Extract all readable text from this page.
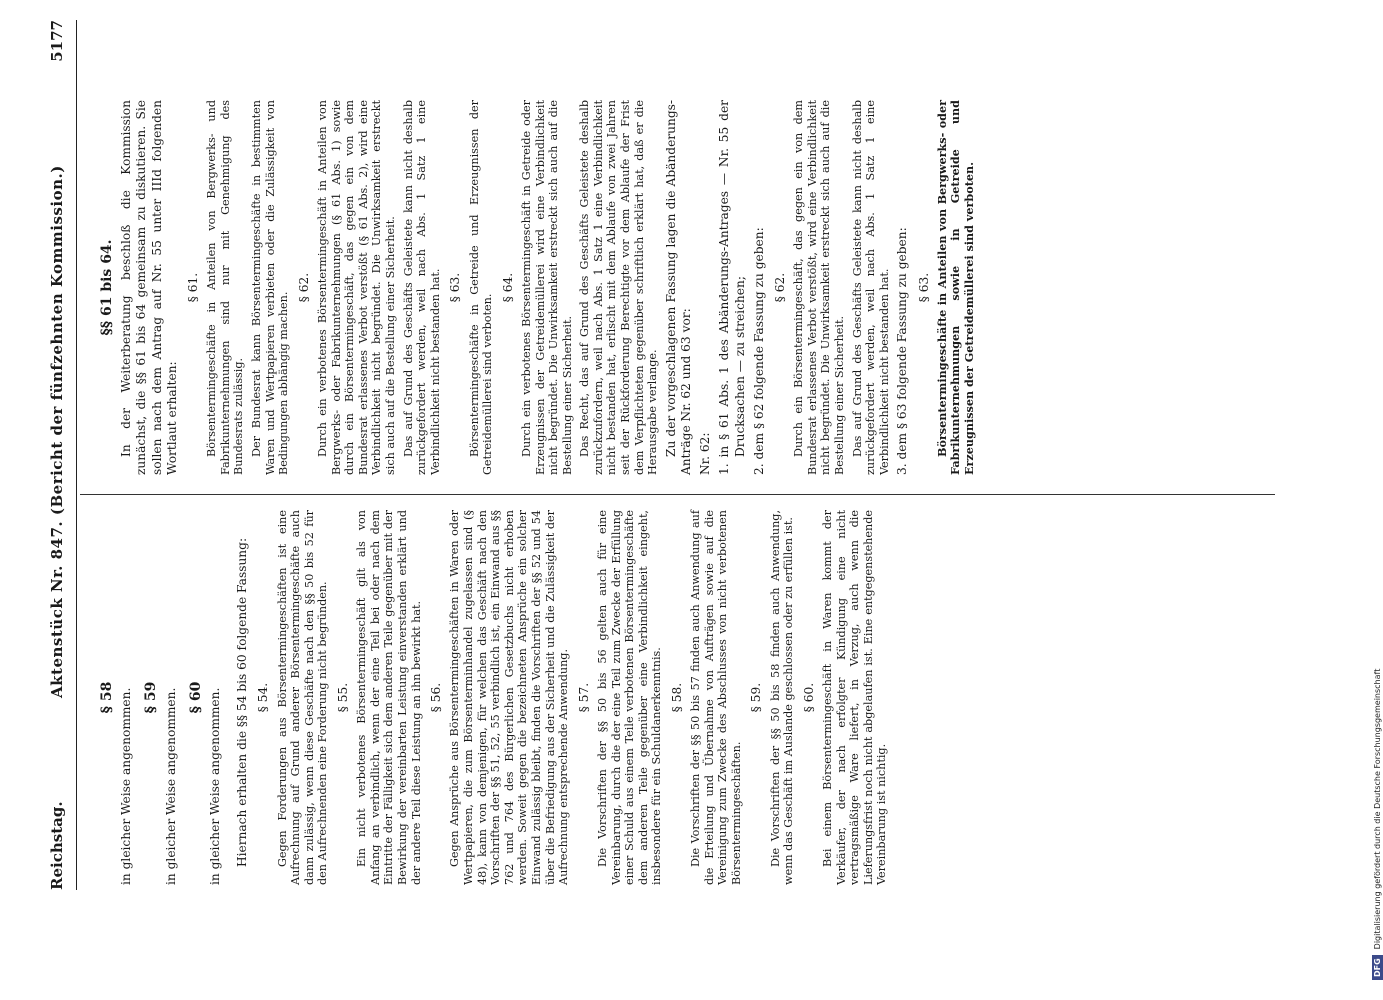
Reichstag.
Aktenstück Nr. 847. (Bericht der fünfzehnten Kommission.)
5177
§ 58 in gleicher Weise angenommen. § 59 in gleicher Weise angenommen. § 60 in gleicher Weise angenommen. Hiernach erhalten die §§ 54 bis 60 folgende Fassung: § 54. Gegen Forderungen aus Börsentermingeschäften ist eine Aufrechnung auf Grund anderer Börsentermingeschäfte auch dann zulässig, wenn diese Geschäfte nach den §§ 50 bis 52 für den Aufrechnenden eine Forderung nicht begründen. § 55. Ein nicht verbotenes Börsentermingeschäft gilt als von Anfang an verbindlich, wenn der eine Teil bei oder nach dem Eintritte der Fälligkeit sich dem anderen Teile gegenüber mit der Bewirkung der vereinbarten Leistung einverstanden erklärt und der andere Teil diese Leistung an ihn bewirkt hat. § 56. Gegen Ansprüche aus Börsentermingeschäften in Waren oder Wertpapieren, die zum Börsenterminhandel zugelassen sind (§ 48), kann von demjenigen, für welchen das Geschäft nach den Vorschriften der §§ 51, 52, 55 verbindlich ist, ein Einwand aus §§ 762 und 764 des Bürgerlichen Gesetzbuchs nicht erhoben werden. Soweit gegen die bezeichneten Ansprüche ein solcher Einwand zulässig bleibt, finden die Vorschriften der §§ 52 und 54 über die Befriedigung aus der Sicherheit und die Zulässigkeit der Aufrechnung entsprechende Anwendung. § 57. Die Vorschriften der §§ 50 bis 56 gelten auch für eine Vereinbarung, durch die der eine Teil zum Zwecke der Erfüllung einer Schuld aus einem Teile verbotenen Börsentermingeschäfte dem anderen Teile gegenüber eine Verbindlichkeit eingeht, insbesondere für ein Schuldanerkenntnis. § 58. Die Vorschriften der §§ 50 bis 57 finden auch Anwendung auf die Erteilung und Übernahme von Aufträgen sowie auf die Vereinigung zum Zwecke des Abschlusses von nicht verbotenen Börsentermingeschäften.
§ 59. Die Vorschriften der §§ 50 bis 58 finden auch Anwendung, wenn das Geschäft im Auslande geschlossen oder zu erfüllen ist. § 60. Bei einem Börsentermingeschäft in Waren kommt der Verkäufer, der nach erfolgter Kündigung eine nicht vertragsmäßige Ware liefert, in Verzug, auch wenn die Lieferungsfrist noch nicht abgelaufen ist. Eine entgegenstehende Vereinbarung ist nichtig.
§§ 61 bis 64. In der Weiterberatung beschloß die Kommission zunächst, die §§ 61 bis 64 gemeinsam zu diskutieren. Sie sollen nach dem Antrag auf Nr. 55 unter IIId folgenden Wortlaut erhalten:
§ 61. Börsentermingeschäfte in Anteilen von Bergwerks- und Fabrikunternehmungen sind nur mit Genehmigung des Bundesrats zulässig. Der Bundesrat kann Börsentermingeschäfte in bestimmten Waren und Wertpapieren verbieten oder die Zulässigkeit von Bedingungen abhängig machen.
§ 62. Durch ein verbotenes Börsentermingeschäft in Anteilen von Bergwerks- oder Fabrikunternehmungen (§ 61 Abs. 1) sowie durch ein Börsentermingeschäft, das gegen ein von dem Bundesrat erlassenes Verbot verstößt (§ 61 Abs. 2), wird eine Verbindlichkeit nicht begründet. Die Unwirksamkeit erstreckt sich auch auf die Bestellung einer Sicherheit. Das auf Grund des Geschäfts Geleistete kann nicht deshalb zurückgefordert werden, weil nach Abs. 1 Satz 1 eine Verbindlichkeit nicht bestanden hat. § 63. Börsentermingeschäfte in Getreide und Erzeugnissen der Getreidemüllerei sind verboten.
§ 64. Durch ein verbotenes Börsentermingeschäft in Getreide oder Erzeugnissen der Getreidemüllerei wird eine Verbindlichkeit nicht begründet. Die Unwirksamkeit erstreckt sich auch auf die Bestellung einer Sicherheit. Das Recht, das auf Grund des Geschäfts Geleistete deshalb zurückzufordern, weil nach Abs. 1 Satz 1 eine Verbindlichkeit nicht bestanden hat, erlischt mit dem Ablaufe von zwei Jahren seit der Rückforderung Berechtigte vor dem Ablaufe der Frist dem Verpflichteten gegenüber schriftlich erklärt hat, daß er die Herausgabe verlange. Zu der vorgeschlagenen Fassung lagen die Abänderungs-Anträge Nr. 62 und 63 vor: Nr. 62: 1. in § 61 Abs. 1 des Abänderungs-Antrages — Nr. 55 der Drucksachen — zu streichen; 2. dem § 62 folgende Fassung zu geben: § 62. Durch ein Börsentermingeschäft, das gegen ein von dem Bundesrat erlassenes Verbot verstößt, wird eine Verbindlichkeit nicht begründet. Die Unwirksamkeit erstreckt sich auch auf die Bestellung einer Sicherheit. Das auf Grund des Geschäfts Geleistete kann nicht deshalb zurückgefordert werden, weil nach Abs. 1 Satz 1 eine Verbindlichkeit nicht bestanden hat. 3. dem § 63 folgende Fassung zu geben: § 63. Börsentermingeschäfte in Anteilen von Bergwerks- oder Fabrikunternehmungen sowie in Getreide und Erzeugnissen der Getreidemüllerei sind verboten.
DFGDigitalisierung gefördert durch die Deutsche Forschungsgemeinschaft
